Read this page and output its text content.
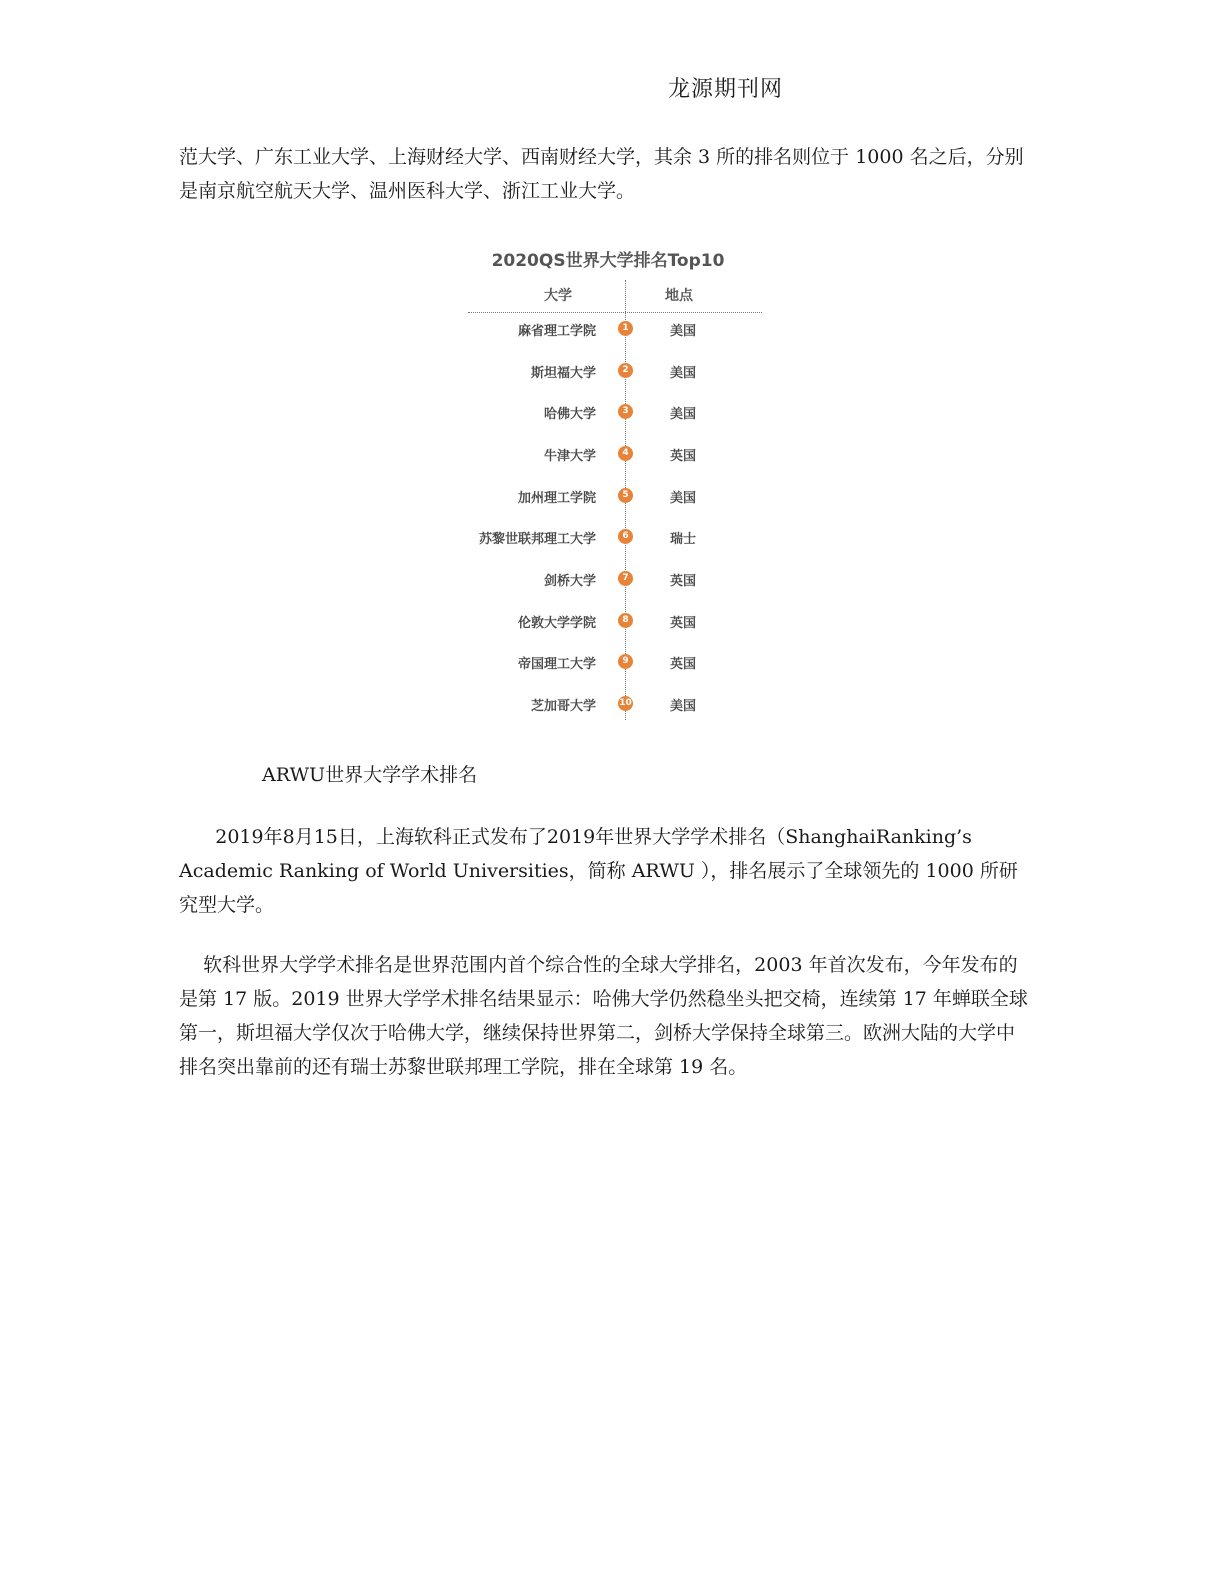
龙源期刊网

范大学、广东工业大学、上海财经大学、西南财经大学，其余 3 所的排名则位于 1000 名之后，分别是南京航空航天大学、温州医科大学、浙江工业大学。

2020QS世界大学排名Top10
大学	地点
麻省理工学院	1	美国
斯坦福大学	2	美国
哈佛大学	3	美国
牛津大学	4	英国
加州理工学院	5	美国
苏黎世联邦理工大学	6	瑞士
剑桥大学	7	英国
伦敦大学学院	8	英国
帝国理工大学	9	英国
芝加哥大学	10	美国
ARWU世界大学学术排名

2019年8月15日，上海软科正式发布了2019年世界大学学术排名（ShanghaiRanking’s Academic Ranking of World Universities，简称 ARWU ），排名展示了全球领先的 1000 所研究型大学。

软科世界大学学术排名是世界范围内首个综合性的全球大学排名，2003 年首次发布，今年发布的是第 17 版。2019 世界大学学术排名结果显示：哈佛大学仍然稳坐头把交椅，连续第 17 年蝉联全球第一，斯坦福大学仅次于哈佛大学，继续保持世界第二，剑桥大学保持全球第三。欧洲大陆的大学中排名突出靠前的还有瑞士苏黎世联邦理工学院，排在全球第 19 名。
